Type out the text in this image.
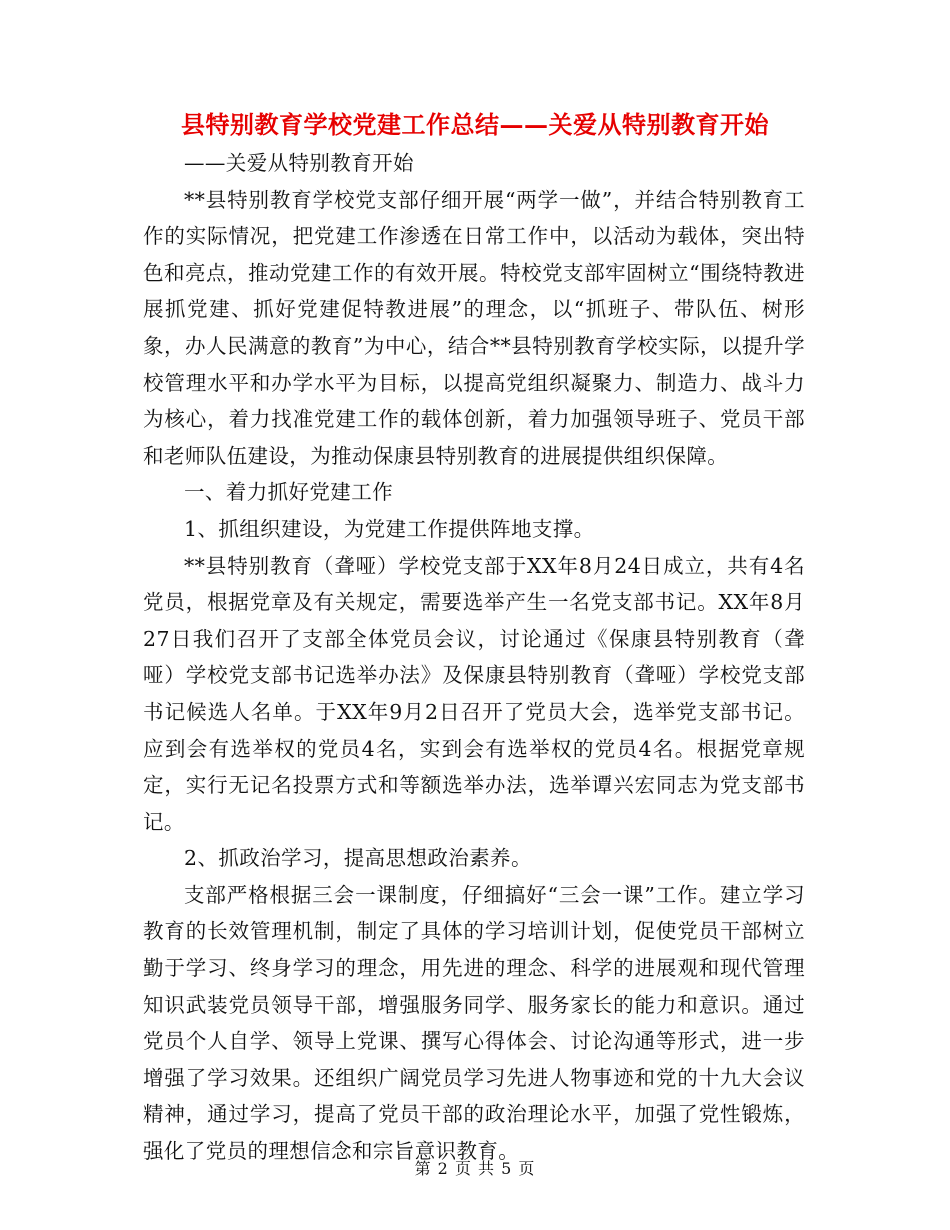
县特别教育学校党建工作总结——关爱从特别教育开始

——关爱从特别教育开始

**县特别教育学校党支部仔细开展“两学一做”，并结合特别教育工作的实际情况，把党建工作渗透在日常工作中，以活动为载体，突出特色和亮点，推动党建工作的有效开展。特校党支部牢固树立“围绕特教进展抓党建、抓好党建促特教进展”的理念，以“抓班子、带队伍、树形象，办人民满意的教育”为中心，结合**县特别教育学校实际，以提升学校管理水平和办学水平为目标，以提高党组织凝聚力、制造力、战斗力为核心，着力找准党建工作的载体创新，着力加强领导班子、党员干部和老师队伍建设，为推动保康县特别教育的进展提供组织保障。

一、着力抓好党建工作

1、抓组织建设，为党建工作提供阵地支撑。

**县特别教育（聋哑）学校党支部于XX年8月24日成立，共有4名党员，根据党章及有关规定，需要选举产生一名党支部书记。XX年8月27日我们召开了支部全体党员会议，讨论通过《保康县特别教育（聋哑）学校党支部书记选举办法》及保康县特别教育（聋哑）学校党支部书记候选人名单。于XX年9月2日召开了党员大会，选举党支部书记。应到会有选举权的党员4名，实到会有选举权的党员4名。根据党章规定，实行无记名投票方式和等额选举办法，选举谭兴宏同志为党支部书记。

2、抓政治学习，提高思想政治素养。

支部严格根据三会一课制度，仔细搞好“三会一课”工作。建立学习教育的长效管理机制，制定了具体的学习培训计划，促使党员干部树立勤于学习、终身学习的理念，用先进的理念、科学的进展观和现代管理知识武装党员领导干部，增强服务同学、服务家长的能力和意识。通过党员个人自学、领导上党课、撰写心得体会、讨论沟通等形式，进一步增强了学习效果。还组织广阔党员学习先进人物事迹和党的十九大会议精神，通过学习，提高了党员干部的政治理论水平，加强了党性锻炼，强化了党员的理想信念和宗旨意识教育。

第 2 页 共 5 页
